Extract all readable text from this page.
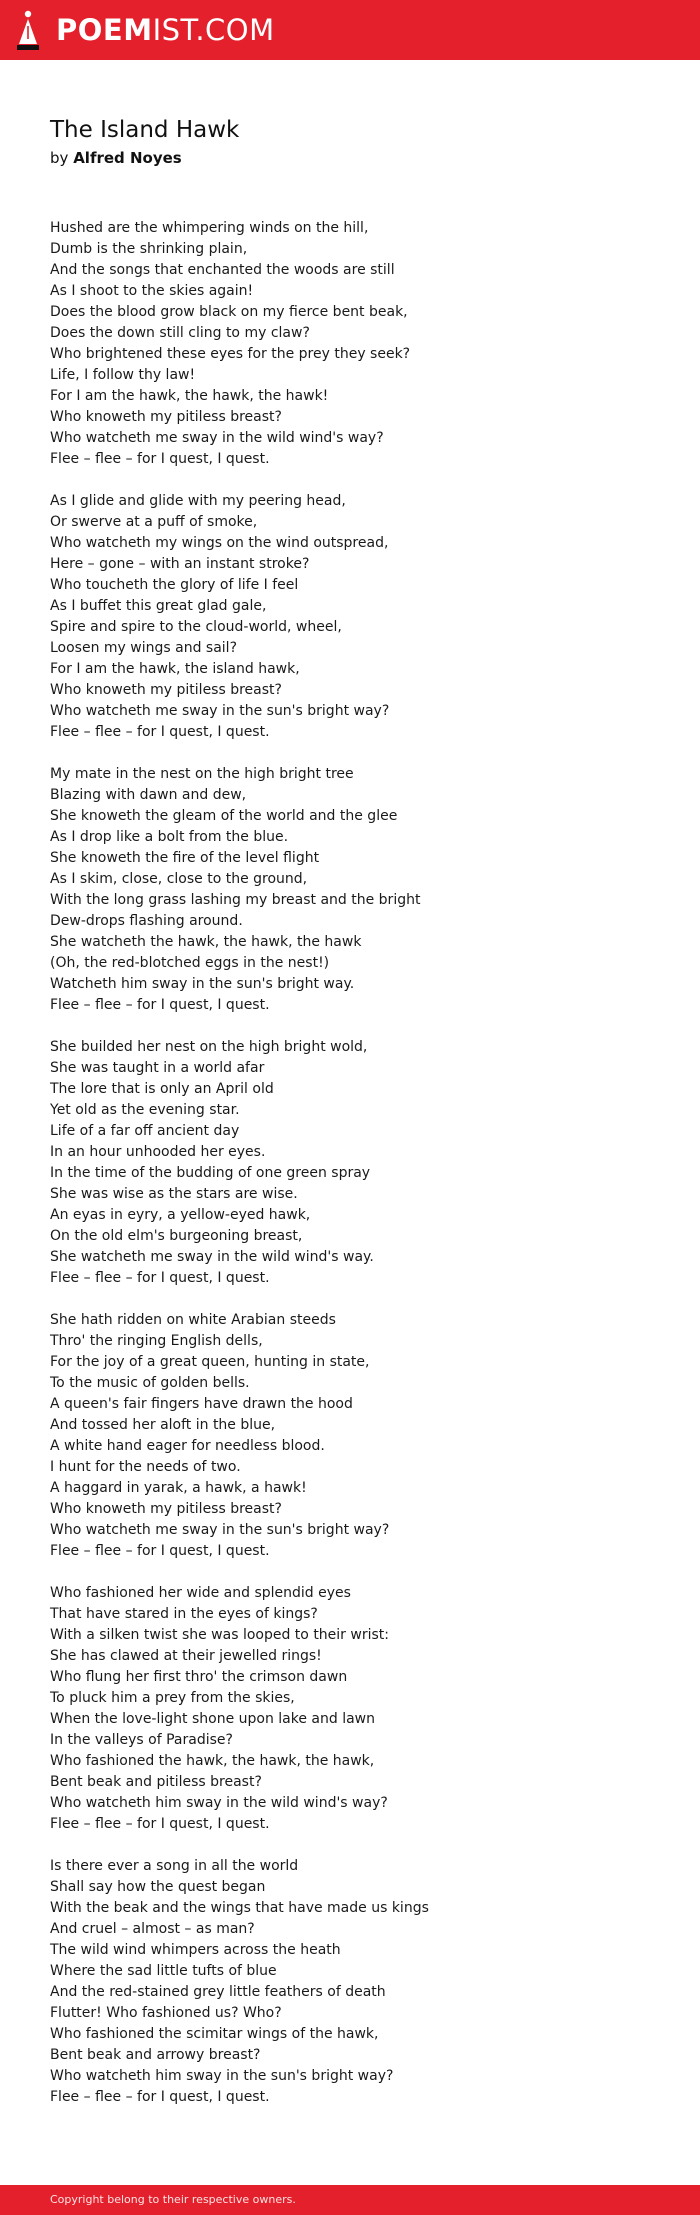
POEMIST.COM
The Island Hawk
by Alfred Noyes
Hushed are the whimpering winds on the hill,
Dumb is the shrinking plain,
And the songs that enchanted the woods are still
As I shoot to the skies again!
Does the blood grow black on my fierce bent beak,
Does the down still cling to my claw?
Who brightened these eyes for the prey they seek?
Life, I follow thy law!
For I am the hawk, the hawk, the hawk!
Who knoweth my pitiless breast?
Who watcheth me sway in the wild wind's way?
Flee – flee – for I quest, I quest.
As I glide and glide with my peering head,
Or swerve at a puff of smoke,
Who watcheth my wings on the wind outspread,
Here – gone – with an instant stroke?
Who toucheth the glory of life I feel
As I buffet this great glad gale,
Spire and spire to the cloud-world, wheel,
Loosen my wings and sail?
For I am the hawk, the island hawk,
Who knoweth my pitiless breast?
Who watcheth me sway in the sun's bright way?
Flee – flee – for I quest, I quest.
My mate in the nest on the high bright tree
Blazing with dawn and dew,
She knoweth the gleam of the world and the glee
As I drop like a bolt from the blue.
She knoweth the fire of the level flight
As I skim, close, close to the ground,
With the long grass lashing my breast and the bright
Dew-drops flashing around.
She watcheth the hawk, the hawk, the hawk
(Oh, the red-blotched eggs in the nest!)
Watcheth him sway in the sun's bright way.
Flee – flee – for I quest, I quest.
She builded her nest on the high bright wold,
She was taught in a world afar
The lore that is only an April old
Yet old as the evening star.
Life of a far off ancient day
In an hour unhooded her eyes.
In the time of the budding of one green spray
She was wise as the stars are wise.
An eyas in eyry, a yellow-eyed hawk,
On the old elm's burgeoning breast,
She watcheth me sway in the wild wind's way.
Flee – flee – for I quest, I quest.
She hath ridden on white Arabian steeds
Thro' the ringing English dells,
For the joy of a great queen, hunting in state,
To the music of golden bells.
A queen's fair fingers have drawn the hood
And tossed her aloft in the blue,
A white hand eager for needless blood.
I hunt for the needs of two.
A haggard in yarak, a hawk, a hawk!
Who knoweth my pitiless breast?
Who watcheth me sway in the sun's bright way?
Flee – flee – for I quest, I quest.
Who fashioned her wide and splendid eyes
That have stared in the eyes of kings?
With a silken twist she was looped to their wrist:
She has clawed at their jewelled rings!
Who flung her first thro' the crimson dawn
To pluck him a prey from the skies,
When the love-light shone upon lake and lawn
In the valleys of Paradise?
Who fashioned the hawk, the hawk, the hawk,
Bent beak and pitiless breast?
Who watcheth him sway in the wild wind's way?
Flee – flee – for I quest, I quest.
Is there ever a song in all the world
Shall say how the quest began
With the beak and the wings that have made us kings
And cruel – almost – as man?
The wild wind whimpers across the heath
Where the sad little tufts of blue
And the red-stained grey little feathers of death
Flutter! Who fashioned us? Who?
Who fashioned the scimitar wings of the hawk,
Bent beak and arrowy breast?
Who watcheth him sway in the sun's bright way?
Flee – flee – for I quest, I quest.
Copyright belong to their respective owners.
